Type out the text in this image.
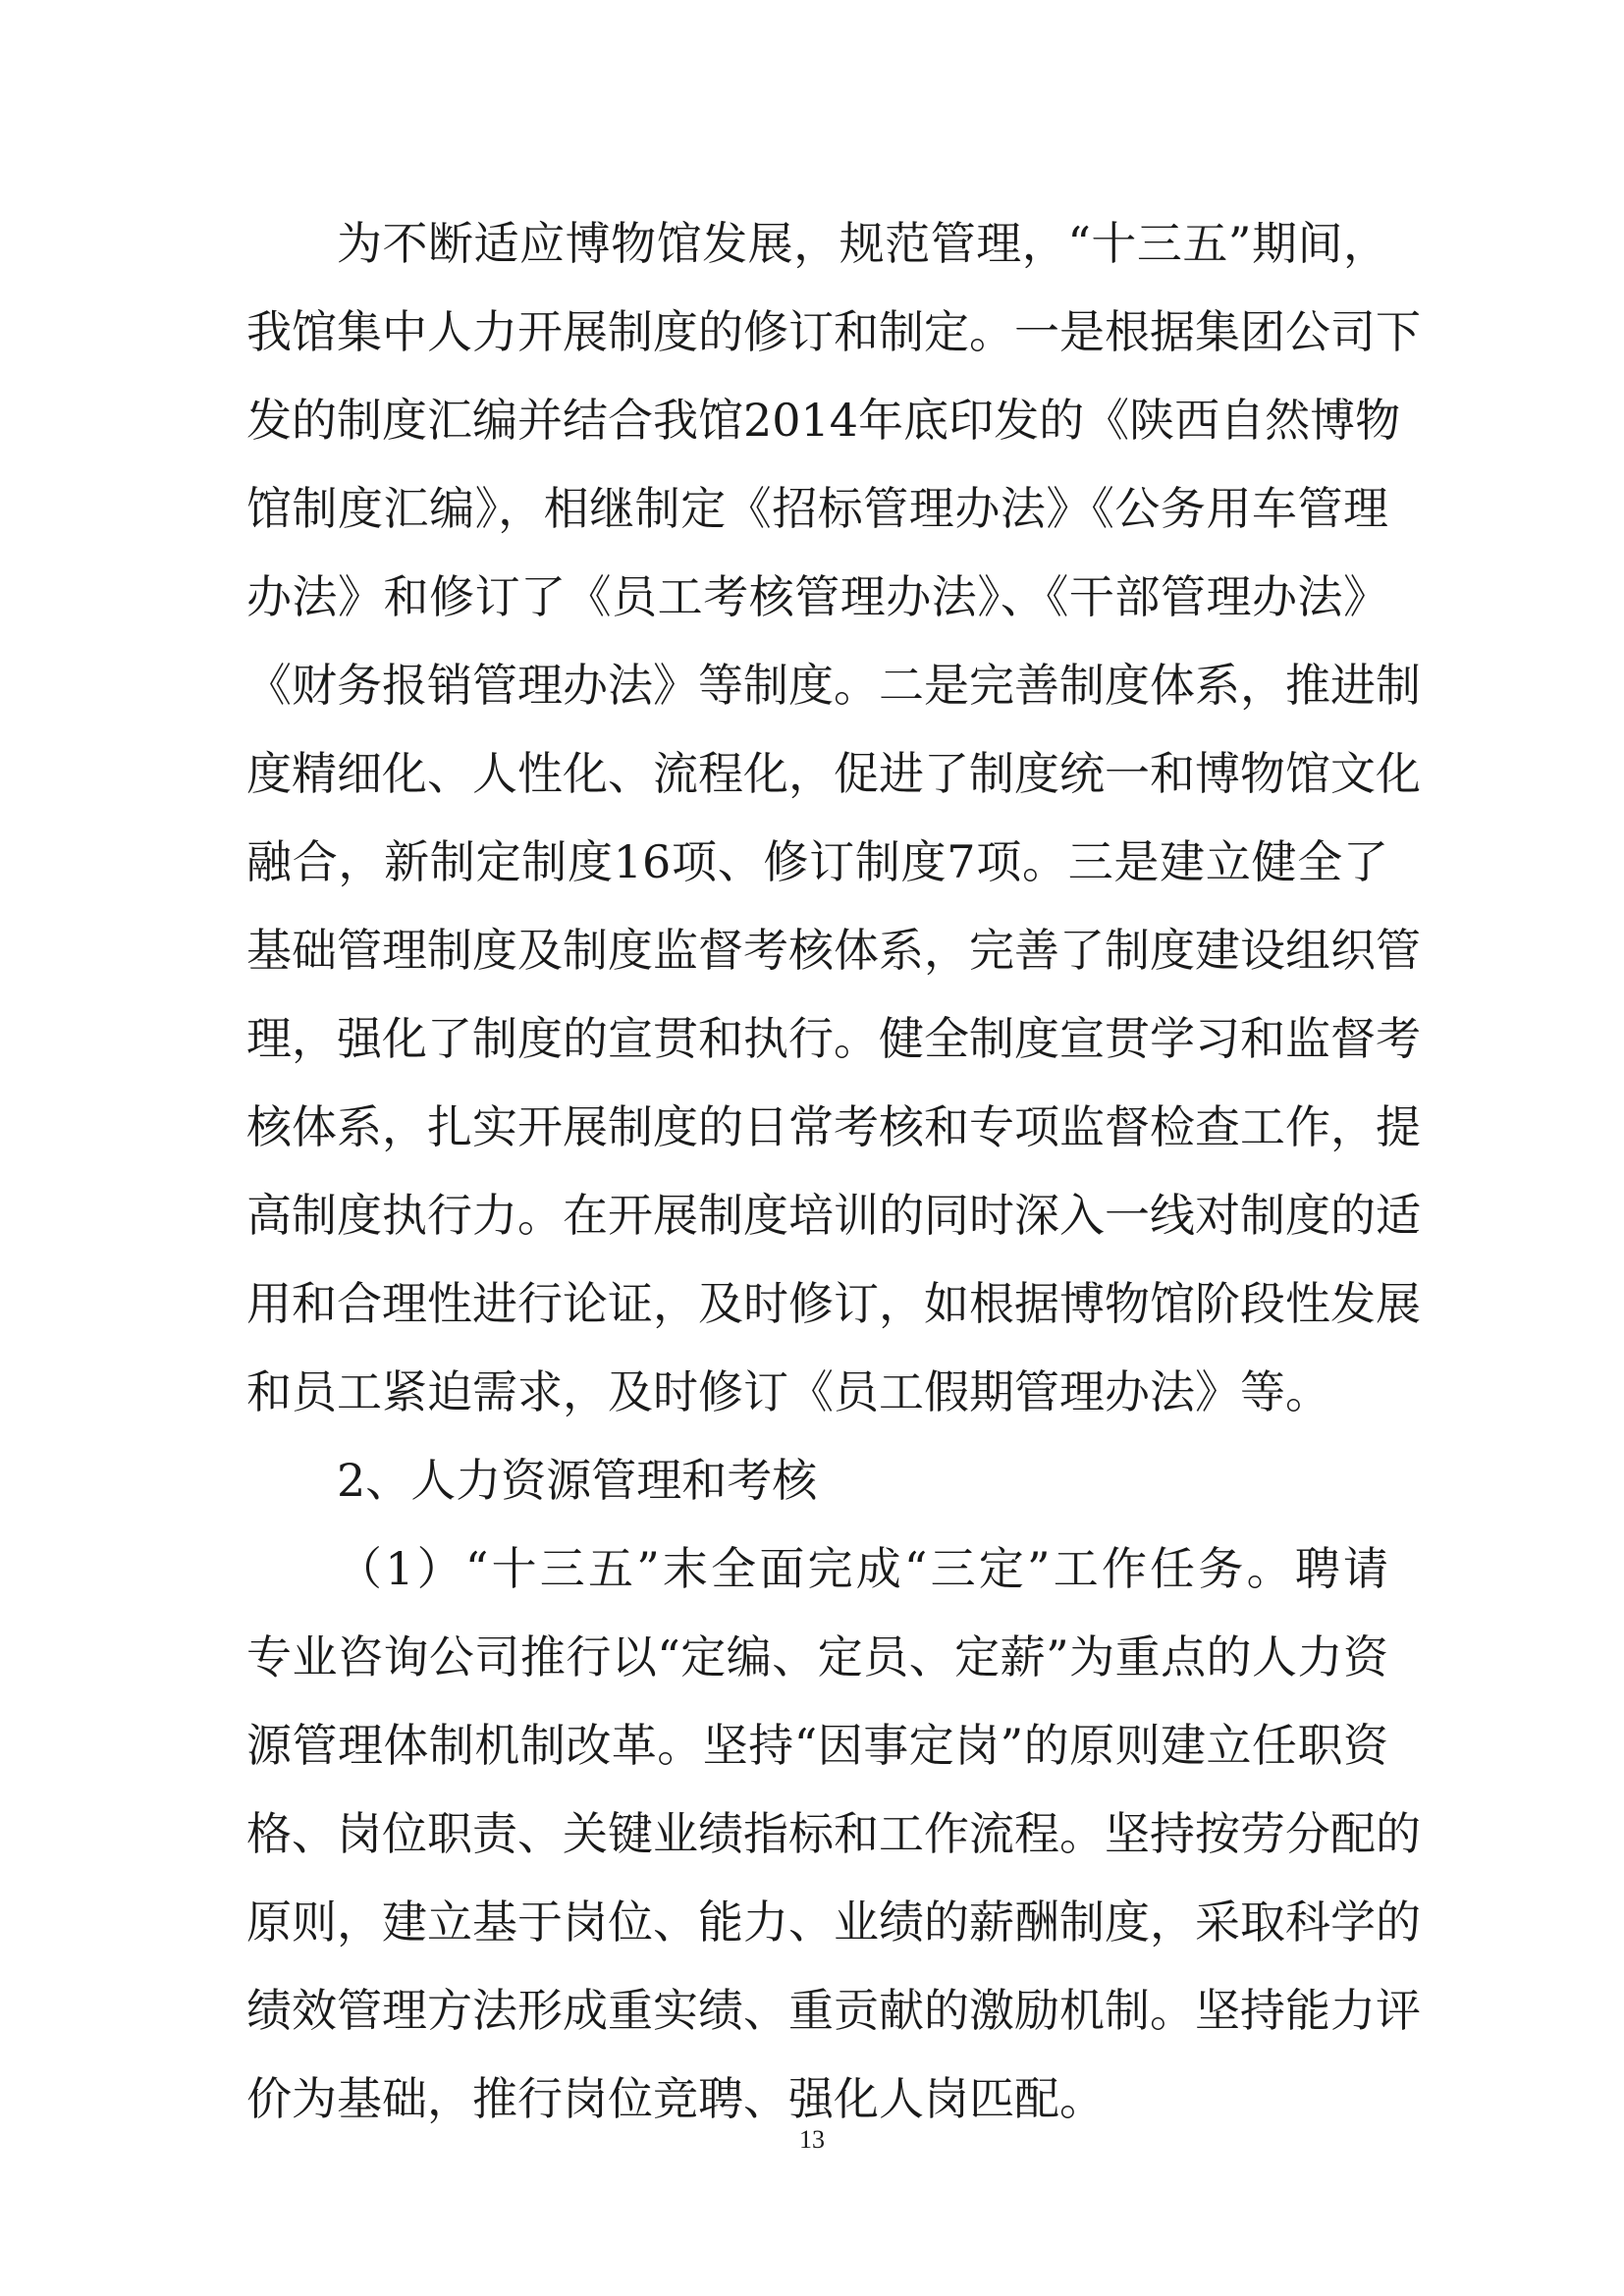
为不断适应博物馆发展，规范管理，“十三五”期间，
我馆集中人力开展制度的修订和制定。一是根据集团公司下
发的制度汇编并结合我馆2014年底印发的《陕西自然博物
馆制度汇编》，相继制定《招标管理办法》《公务用车管理
办法》和修订了《员工考核管理办法》、《干部管理办法》
《财务报销管理办法》等制度。二是完善制度体系，推进制
度精细化、人性化、流程化，促进了制度统一和博物馆文化
融合，新制定制度16项、修订制度7项。三是建立健全了
基础管理制度及制度监督考核体系，完善了制度建设组织管
理，强化了制度的宣贯和执行。健全制度宣贯学习和监督考
核体系，扎实开展制度的日常考核和专项监督检查工作，提
高制度执行力。在开展制度培训的同时深入一线对制度的适
用和合理性进行论证，及时修订，如根据博物馆阶段性发展
和员工紧迫需求，及时修订《员工假期管理办法》等。
2、人力资源管理和考核
（1）“十三五”末全面完成“三定”工作任务。聘请
专业咨询公司推行以“定编、定员、定薪”为重点的人力资
源管理体制机制改革。坚持“因事定岗”的原则建立任职资
格、岗位职责、关键业绩指标和工作流程。坚持按劳分配的
原则，建立基于岗位、能力、业绩的薪酬制度，采取科学的
绩效管理方法形成重实绩、重贡献的激励机制。坚持能力评
价为基础，推行岗位竞聘、强化人岗匹配。
13
